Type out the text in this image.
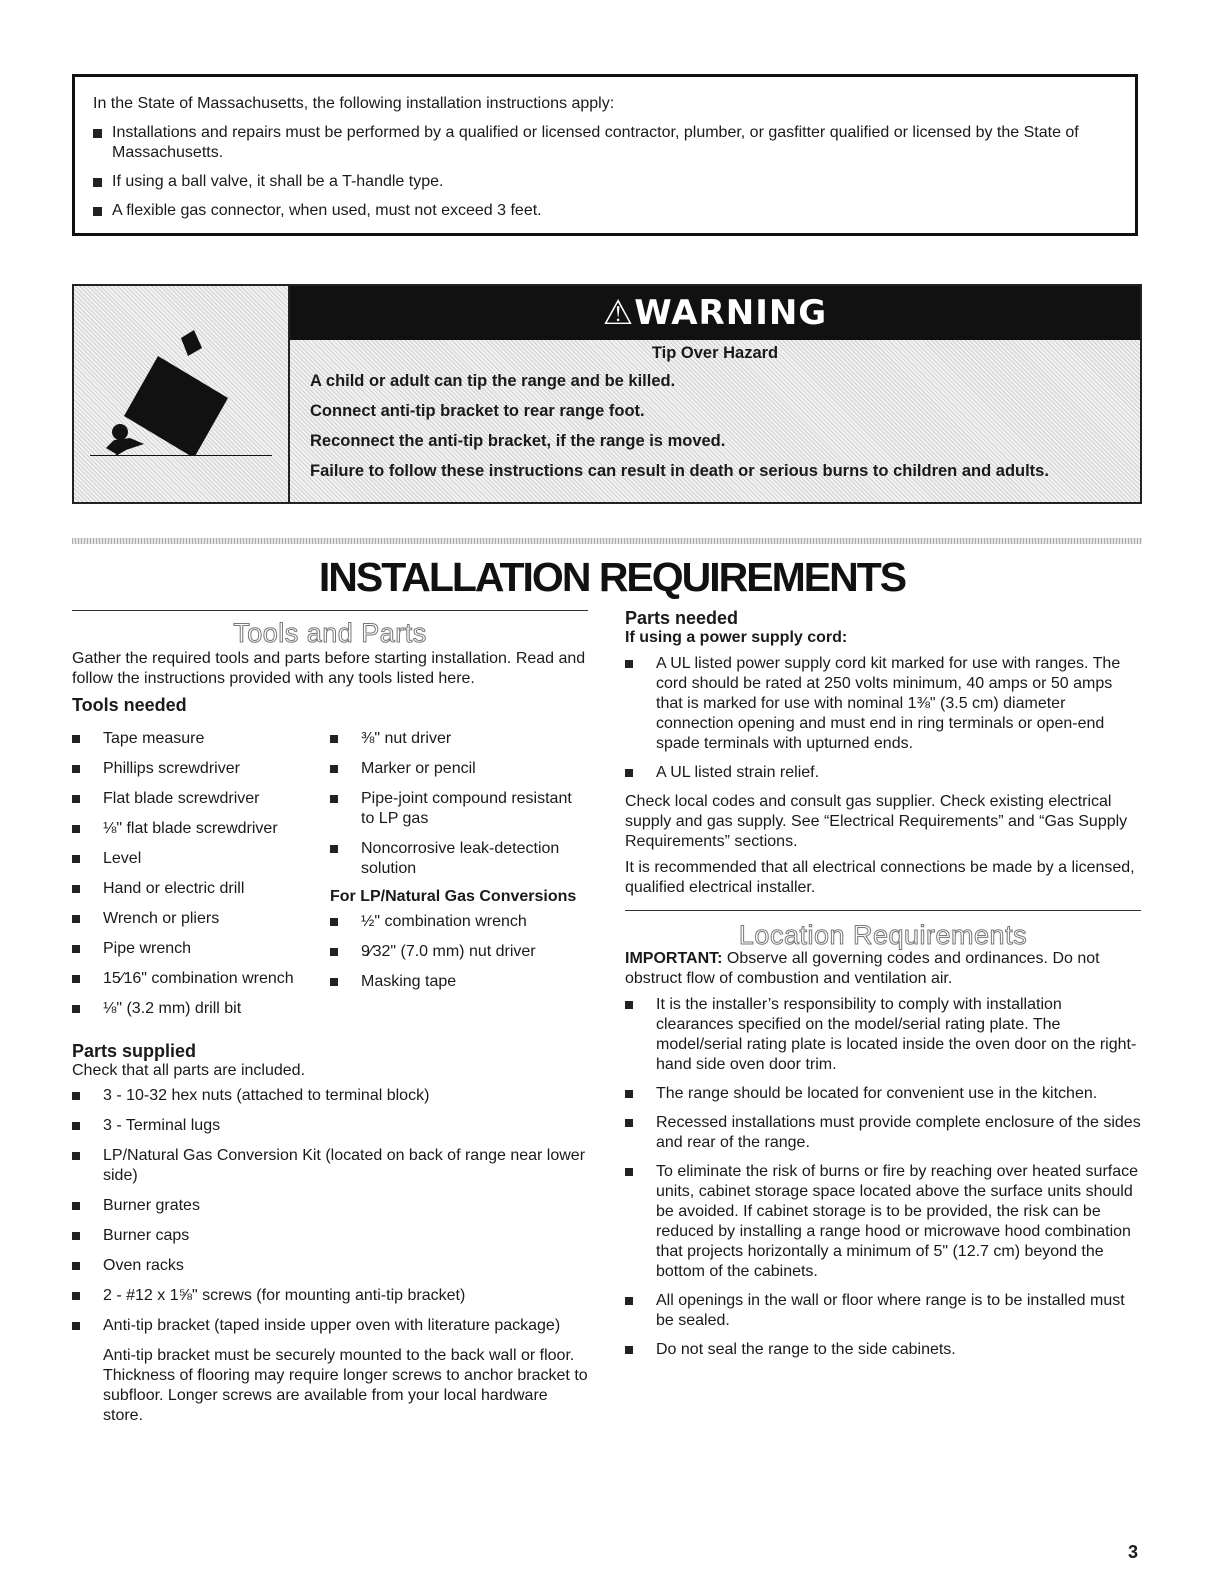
In the State of Massachusetts, the following installation instructions apply:

Installations and repairs must be performed by a qualified or licensed contractor, plumber, or gasfitter qualified or licensed by the State of Massachusetts.
If using a ball valve, it shall be a T-handle type.
A flexible gas connector, when used, must not exceed 3 feet.
⚠WARNING
Tip Over Hazard
A child or adult can tip the range and be killed.
Connect anti-tip bracket to rear range foot.
Reconnect the anti-tip bracket, if the range is moved.
Failure to follow these instructions can result in death or serious burns to children and adults.
INSTALLATION REQUIREMENTS
Tools and Parts

Gather the required tools and parts before starting installation. Read and follow the instructions provided with any tools listed here.

Tools needed
Tape measure
Phillips screwdriver
Flat blade screwdriver
⅛" flat blade screwdriver
Level
Hand or electric drill
Wrench or pliers
Pipe wrench
15⁄16" combination wrench
⅛" (3.2 mm) drill bit
⅜" nut driver
Marker or pencil
Pipe-joint compound resistant to LP gas
Noncorrosive leak-detection solution
For LP/Natural Gas Conversions
½" combination wrench
9⁄32" (7.0 mm) nut driver
Masking tape
Parts supplied

Check that all parts are included.

3 - 10-32 hex nuts (attached to terminal block)
3 - Terminal lugs
LP/Natural Gas Conversion Kit (located on back of range near lower side)
Burner grates
Burner caps
Oven racks
2 - #12 x 1⅝" screws (for mounting anti-tip bracket)
Anti-tip bracket (taped inside upper oven with literature package)

Anti-tip bracket must be securely mounted to the back wall or floor. Thickness of flooring may require longer screws to anchor bracket to subfloor. Longer screws are available from your local hardware store.

Parts needed
If using a power supply cord:
A UL listed power supply cord kit marked for use with ranges. The cord should be rated at 250 volts minimum, 40 amps or 50 amps that is marked for use with nominal 1⅜" (3.5 cm) diameter connection opening and must end in ring terminals or open-end spade terminals with upturned ends.
A UL listed strain relief.

Check local codes and consult gas supplier. Check existing electrical supply and gas supply. See “Electrical Requirements” and “Gas Supply Requirements” sections.

It is recommended that all electrical connections be made by a licensed, qualified electrical installer.

Location Requirements

IMPORTANT: Observe all governing codes and ordinances. Do not obstruct flow of combustion and ventilation air.

It is the installer’s responsibility to comply with installation clearances specified on the model/serial rating plate. The model/serial rating plate is located inside the oven door on the right-hand side oven door trim.
The range should be located for convenient use in the kitchen.
Recessed installations must provide complete enclosure of the sides and rear of the range.
To eliminate the risk of burns or fire by reaching over heated surface units, cabinet storage space located above the surface units should be avoided. If cabinet storage is to be provided, the risk can be reduced by installing a range hood or microwave hood combination that projects horizontally a minimum of 5" (12.7 cm) beyond the bottom of the cabinets.
All openings in the wall or floor where range is to be installed must be sealed.
Do not seal the range to the side cabinets.
3
